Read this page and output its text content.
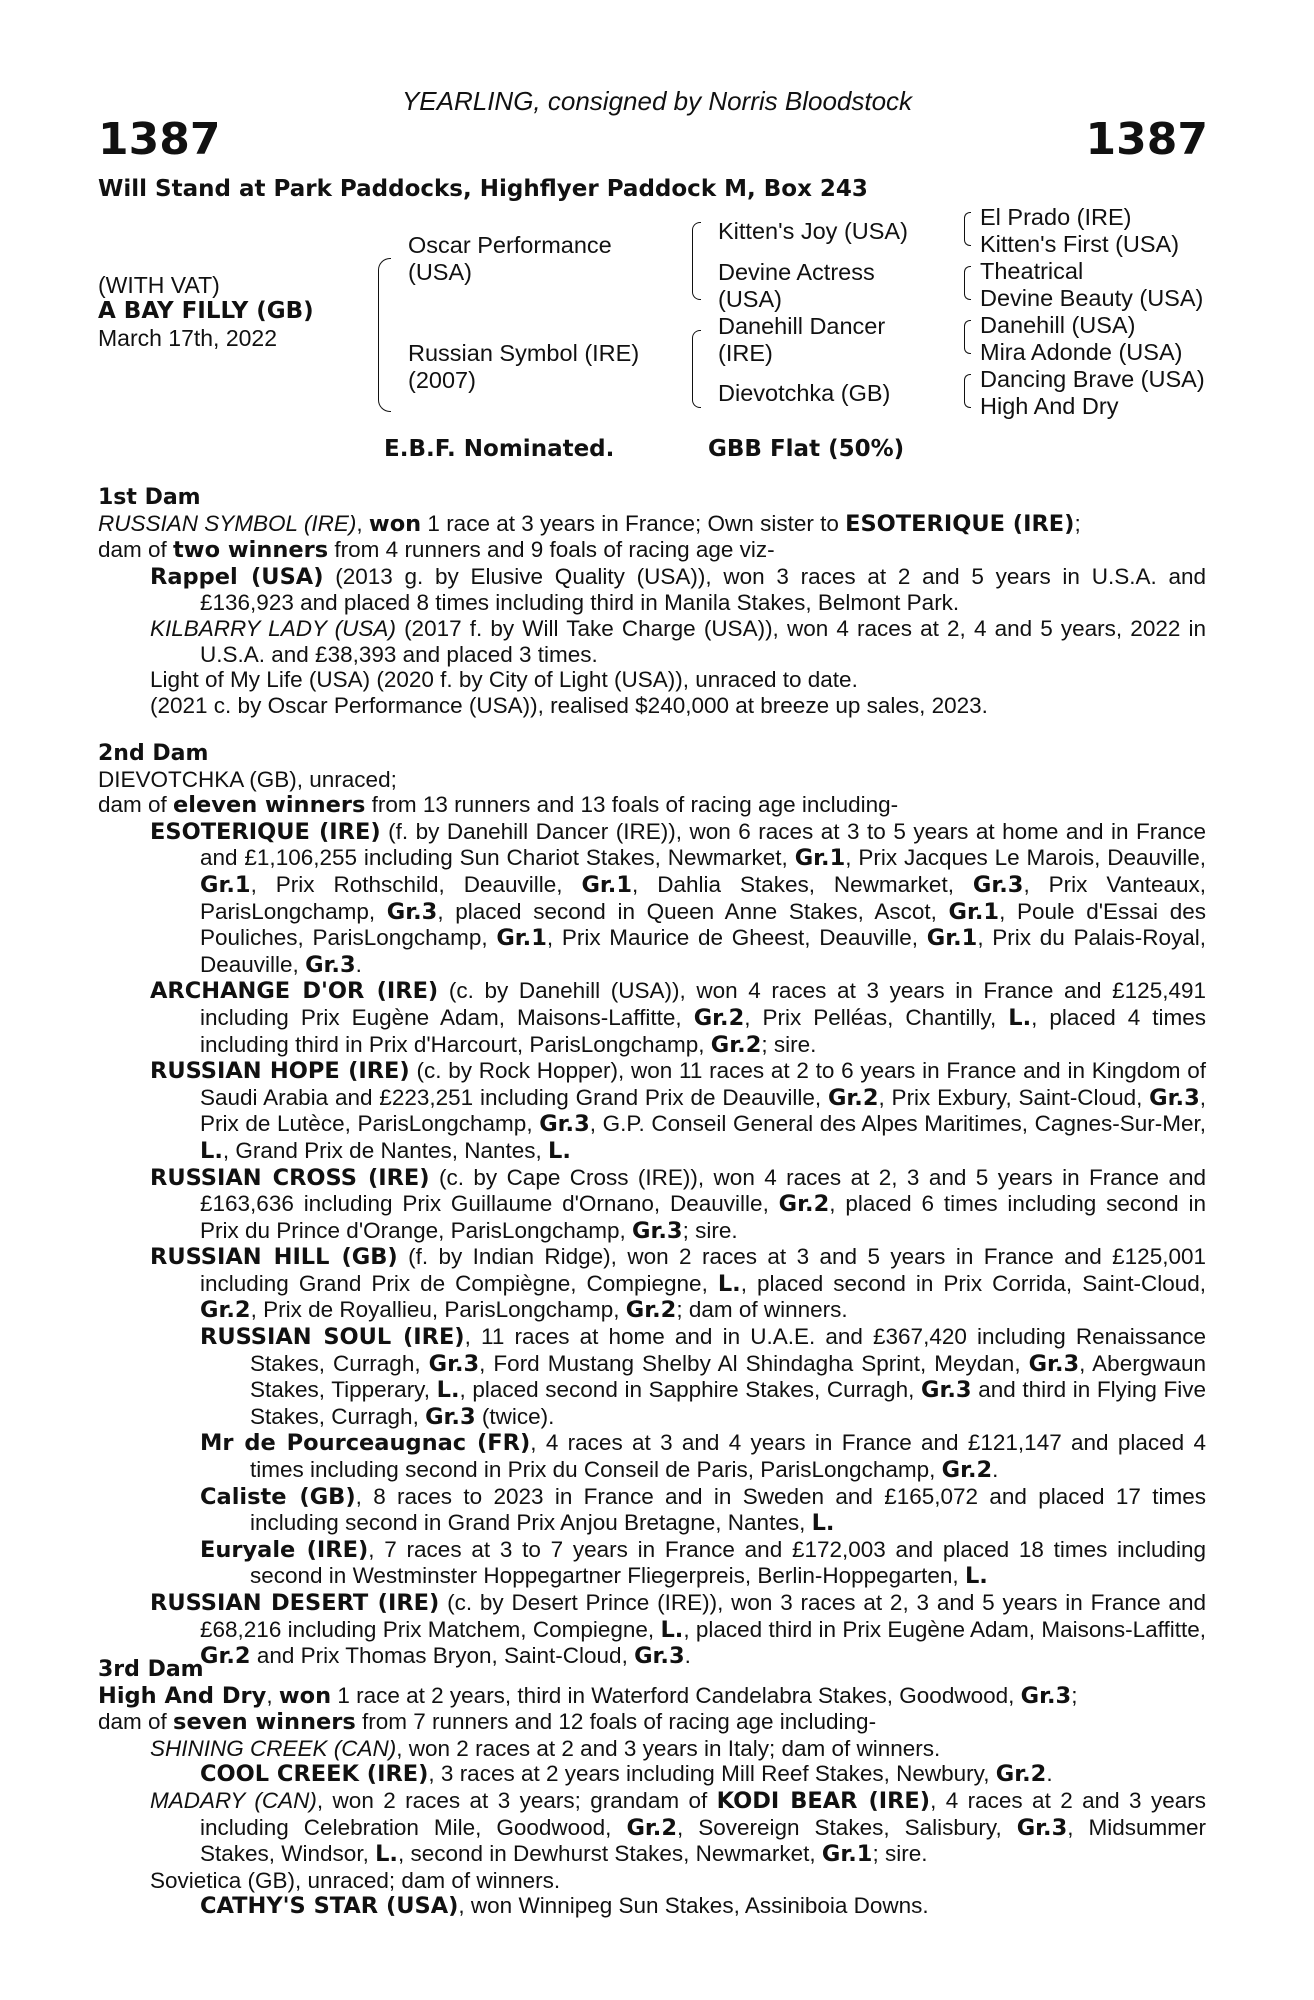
YEARLING, consigned by Norris Bloodstock
1387	1387
Will Stand at Park Paddocks, Highflyer Paddock M, Box 243
(WITH VAT)
A BAY FILLY (GB)
March 17th, 2022
Oscar Performance
(USA)
Russian Symbol (IRE)
(2007)
Kitten's Joy (USA)
Devine Actress
(USA)
Danehill Dancer
(IRE)
Dievotchka (GB)
El Prado (IRE)
Kitten's First (USA)
Theatrical
Devine Beauty (USA)
Danehill (USA)
Mira Adonde (USA)
Dancing Brave (USA)
High And Dry
E.B.F. Nominated.	GBB Flat (50%)
1st Dam
RUSSIAN SYMBOL (IRE), won 1 race at 3 years in France; Own sister to ESOTERIQUE (IRE);
dam of two winners from 4 runners and 9 foals of racing age viz-
Rappel (USA) (2013 g. by Elusive Quality (USA)), won 3 races at 2 and 5 years in U.S.A. and £136,923 and placed 8 times including third in Manila Stakes, Belmont Park.
KILBARRY LADY (USA) (2017 f. by Will Take Charge (USA)), won 4 races at 2, 4 and 5 years, 2022 in U.S.A. and £38,393 and placed 3 times.
Light of My Life (USA) (2020 f. by City of Light (USA)), unraced to date.
(2021 c. by Oscar Performance (USA)), realised $240,000 at breeze up sales, 2023.
2nd Dam
DIEVOTCHKA (GB), unraced;
dam of eleven winners from 13 runners and 13 foals of racing age including-
ESOTERIQUE (IRE) (f. by Danehill Dancer (IRE)), won 6 races at 3 to 5 years at home and in France and £1,106,255 including Sun Chariot Stakes, Newmarket, Gr.1, Prix Jacques Le Marois, Deauville, Gr.1, Prix Rothschild, Deauville, Gr.1, Dahlia Stakes, Newmarket, Gr.3, Prix Vanteaux, ParisLongchamp, Gr.3, placed second in Queen Anne Stakes, Ascot, Gr.1, Poule d'Essai des Pouliches, ParisLongchamp, Gr.1, Prix Maurice de Gheest, Deauville, Gr.1, Prix du Palais-Royal, Deauville, Gr.3.
ARCHANGE D'OR (IRE) (c. by Danehill (USA)), won 4 races at 3 years in France and £125,491 including Prix Eugène Adam, Maisons-Laffitte, Gr.2, Prix Pelléas, Chantilly, L., placed 4 times including third in Prix d'Harcourt, ParisLongchamp, Gr.2; sire.
RUSSIAN HOPE (IRE) (c. by Rock Hopper), won 11 races at 2 to 6 years in France and in Kingdom of Saudi Arabia and £223,251 including Grand Prix de Deauville, Gr.2, Prix Exbury, Saint-Cloud, Gr.3, Prix de Lutèce, ParisLongchamp, Gr.3, G.P. Conseil General des Alpes Maritimes, Cagnes-Sur-Mer, L., Grand Prix de Nantes, Nantes, L.
RUSSIAN CROSS (IRE) (c. by Cape Cross (IRE)), won 4 races at 2, 3 and 5 years in France and £163,636 including Prix Guillaume d'Ornano, Deauville, Gr.2, placed 6 times including second in Prix du Prince d'Orange, ParisLongchamp, Gr.3; sire.
RUSSIAN HILL (GB) (f. by Indian Ridge), won 2 races at 3 and 5 years in France and £125,001 including Grand Prix de Compiègne, Compiegne, L., placed second in Prix Corrida, Saint-Cloud, Gr.2, Prix de Royallieu, ParisLongchamp, Gr.2; dam of winners.
RUSSIAN SOUL (IRE), 11 races at home and in U.A.E. and £367,420 including Renaissance Stakes, Curragh, Gr.3, Ford Mustang Shelby Al Shindagha Sprint, Meydan, Gr.3, Abergwaun Stakes, Tipperary, L., placed second in Sapphire Stakes, Curragh, Gr.3 and third in Flying Five Stakes, Curragh, Gr.3 (twice).
Mr de Pourceaugnac (FR), 4 races at 3 and 4 years in France and £121,147 and placed 4 times including second in Prix du Conseil de Paris, ParisLongchamp, Gr.2.
Caliste (GB), 8 races to 2023 in France and in Sweden and £165,072 and placed 17 times including second in Grand Prix Anjou Bretagne, Nantes, L.
Euryale (IRE), 7 races at 3 to 7 years in France and £172,003 and placed 18 times including second in Westminster Hoppegartner Fliegerpreis, Berlin-Hoppegarten, L.
RUSSIAN DESERT (IRE) (c. by Desert Prince (IRE)), won 3 races at 2, 3 and 5 years in France and £68,216 including Prix Matchem, Compiegne, L., placed third in Prix Eugène Adam, Maisons-Laffitte, Gr.2 and Prix Thomas Bryon, Saint-Cloud, Gr.3.
3rd Dam
High And Dry, won 1 race at 2 years, third in Waterford Candelabra Stakes, Goodwood, Gr.3;
dam of seven winners from 7 runners and 12 foals of racing age including-
SHINING CREEK (CAN), won 2 races at 2 and 3 years in Italy; dam of winners.
COOL CREEK (IRE), 3 races at 2 years including Mill Reef Stakes, Newbury, Gr.2.
MADARY (CAN), won 2 races at 3 years; grandam of KODI BEAR (IRE), 4 races at 2 and 3 years including Celebration Mile, Goodwood, Gr.2, Sovereign Stakes, Salisbury, Gr.3, Midsummer Stakes, Windsor, L., second in Dewhurst Stakes, Newmarket, Gr.1; sire.
Sovietica (GB), unraced; dam of winners.
CATHY'S STAR (USA), won Winnipeg Sun Stakes, Assiniboia Downs.
